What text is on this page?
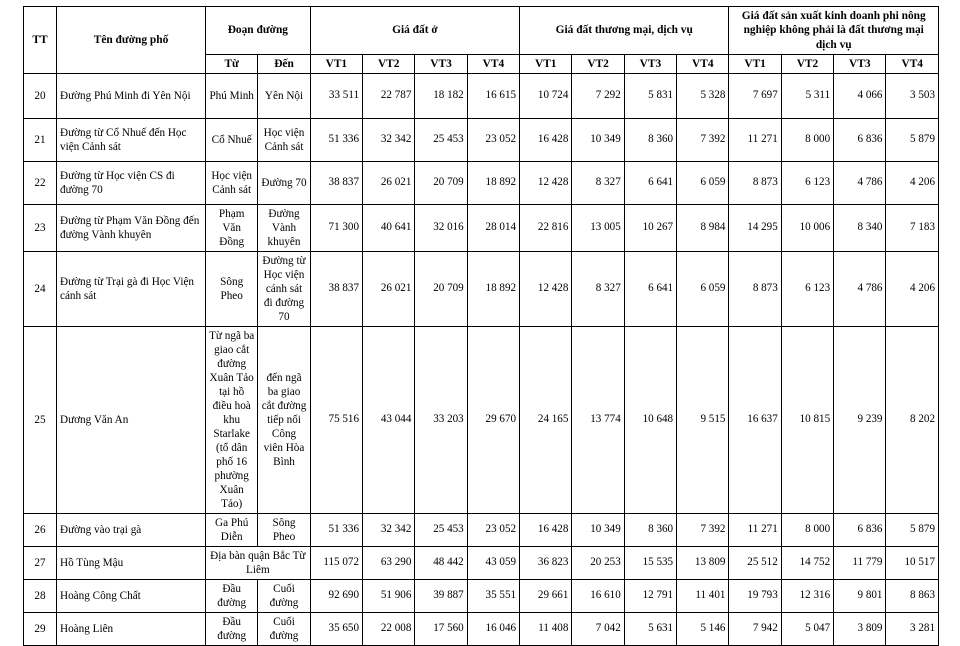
TT	Tên đường phố	Đoạn đường		Giá đất ở				Giá đất thương mại, dịch vụ				Giá đất sản xuất kinh doanh phi nông nghiệp không phải là đất thương mại dịch vụ			
		Từ	Đến	VT1	VT2	VT3	VT4	VT1	VT2	VT3	VT4	VT1	VT2	VT3	VT4
20	Đường Phú Minh đi Yên Nội	Phú Minh	Yên Nội	33 511	22 787	18 182	16 615	10 724	7 292	5 831	5 328	7 697	5 311	4 066	3 503
21	Đường từ Cổ Nhuế đến Học viện Cảnh sát	Cổ Nhuế	Học viện Cảnh sát	51 336	32 342	25 453	23 052	16 428	10 349	8 360	7 392	11 271	8 000	6 836	5 879
22	Đường từ Học viện CS đi đường 70	Học viện Cảnh sát	Đường 70	38 837	26 021	20 709	18 892	12 428	8 327	6 641	6 059	8 873	6 123	4 786	4 206
23	Đường từ Phạm Văn Đồng đến đường Vành khuyên	Phạm Văn Đồng	Đường Vành khuyên	71 300	40 641	32 016	28 014	22 816	13 005	10 267	8 984	14 295	10 006	8 340	7 183
24	Đường từ Trại gà đi Học Viện cánh sát	Sông Pheo	Đường từ Học viện cánh sát đi đường 70	38 837	26 021	20 709	18 892	12 428	8 327	6 641	6 059	8 873	6 123	4 786	4 206
25	Dương Văn An	Từ ngã ba giao cắt đường Xuân Tảo tại hồ điều hoà khu Starlake (tổ dân phố 16 phường Xuân Tảo)	đến ngã ba giao cắt đường tiếp nối Công viên Hòa Bình	75 516	43 044	33 203	29 670	24 165	13 774	10 648	9 515	16 637	10 815	9 239	8 202
26	Đường vào trại gà	Ga Phú Diễn	Sông Pheo	51 336	32 342	25 453	23 052	16 428	10 349	8 360	7 392	11 271	8 000	6 836	5 879
27	Hồ Tùng Mậu	Địa bàn quận Bắc Từ Liêm		115 072	63 290	48 442	43 059	36 823	20 253	15 535	13 809	25 512	14 752	11 779	10 517
28	Hoàng Công Chất	Đầu đường	Cuối đường	92 690	51 906	39 887	35 551	29 661	16 610	12 791	11 401	19 793	12 316	9 801	8 863
29	Hoàng Liên	Đầu đường	Cuối đường	35 650	22 008	17 560	16 046	11 408	7 042	5 631	5 146	7 942	5 047	3 809	3 281
